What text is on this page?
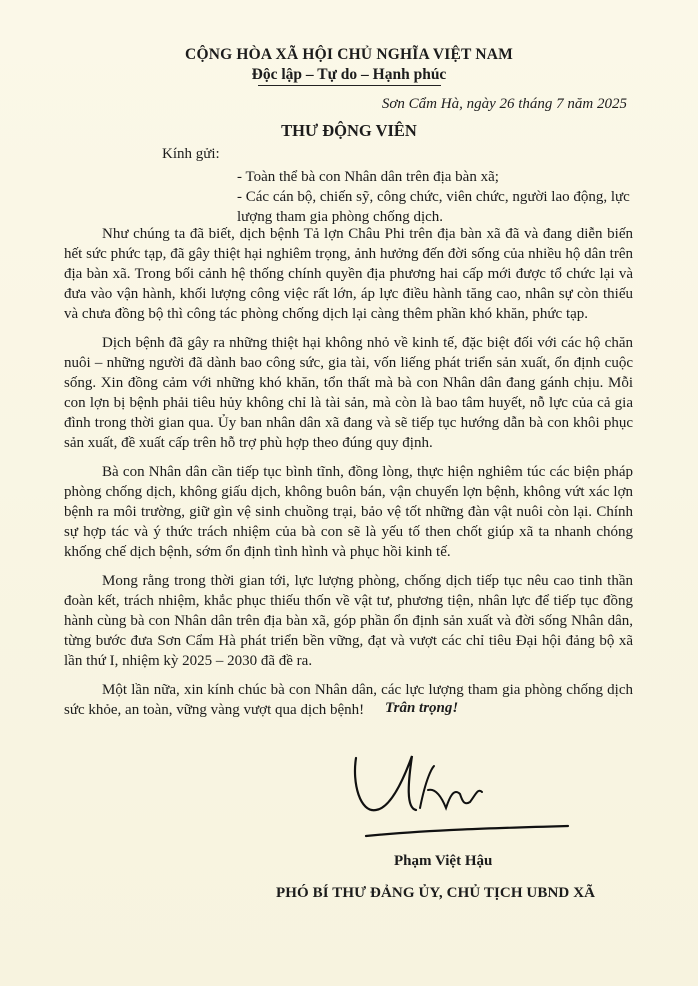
CỘNG HÒA XÃ HỘI CHỦ NGHĨA VIỆT NAM
Độc lập – Tự do – Hạnh phúc
Sơn Cẩm Hà, ngày 26 tháng 7 năm 2025
THƯ ĐỘNG VIÊN
Kính gửi:

- Toàn thể bà con Nhân dân trên địa bàn xã;

- Các cán bộ, chiến sỹ, công chức, viên chức, người lao động, lực lượng tham gia phòng chống dịch.

Như chúng ta đã biết, dịch bệnh Tả lợn Châu Phi trên địa bàn xã đã và đang diễn biến hết sức phức tạp, đã gây thiệt hại nghiêm trọng, ảnh hưởng đến đời sống của nhiều hộ dân trên địa bàn xã. Trong bối cảnh hệ thống chính quyền địa phương hai cấp mới được tổ chức lại và đưa vào vận hành, khối lượng công việc rất lớn, áp lực điều hành tăng cao, nhân sự còn thiếu và chưa đồng bộ thì công tác phòng chống dịch lại càng thêm phần khó khăn, phức tạp.

Dịch bệnh đã gây ra những thiệt hại không nhỏ về kinh tế, đặc biệt đối với các hộ chăn nuôi – những người đã dành bao công sức, gia tài, vốn liếng phát triển sản xuất, ổn định cuộc sống. Xin đồng cảm với những khó khăn, tổn thất mà bà con Nhân dân đang gánh chịu. Mỗi con lợn bị bệnh phải tiêu hủy không chỉ là tài sản, mà còn là bao tâm huyết, nỗ lực của cả gia đình trong thời gian qua. Ủy ban nhân dân xã đang và sẽ tiếp tục hướng dẫn bà con khôi phục sản xuất, đề xuất cấp trên hỗ trợ phù hợp theo đúng quy định.

Bà con Nhân dân cần tiếp tục bình tĩnh, đồng lòng, thực hiện nghiêm túc các biện pháp phòng chống dịch, không giấu dịch, không buôn bán, vận chuyển lợn bệnh, không vứt xác lợn bệnh ra môi trường, giữ gìn vệ sinh chuồng trại, bảo vệ tốt những đàn vật nuôi còn lại. Chính sự hợp tác và ý thức trách nhiệm của bà con sẽ là yếu tố then chốt giúp xã ta nhanh chóng khống chế dịch bệnh, sớm ổn định tình hình và phục hồi kinh tế.

Mong rằng trong thời gian tới, lực lượng phòng, chống dịch tiếp tục nêu cao tinh thần đoàn kết, trách nhiệm, khắc phục thiếu thốn về vật tư, phương tiện, nhân lực để tiếp tục đồng hành cùng bà con Nhân dân trên địa bàn xã, góp phần ổn định sản xuất và đời sống Nhân dân, từng bước đưa Sơn Cẩm Hà phát triển bền vững, đạt và vượt các chỉ tiêu Đại hội đảng bộ xã lần thứ I, nhiệm kỳ 2025 – 2030 đã đề ra.

Một lần nữa, xin kính chúc bà con Nhân dân, các lực lượng tham gia phòng chống dịch sức khỏe, an toàn, vững vàng vượt qua dịch bệnh!	Trân trọng!
Phạm Việt Hậu
PHÓ BÍ THƯ ĐẢNG ỦY, CHỦ TỊCH UBND XÃ
